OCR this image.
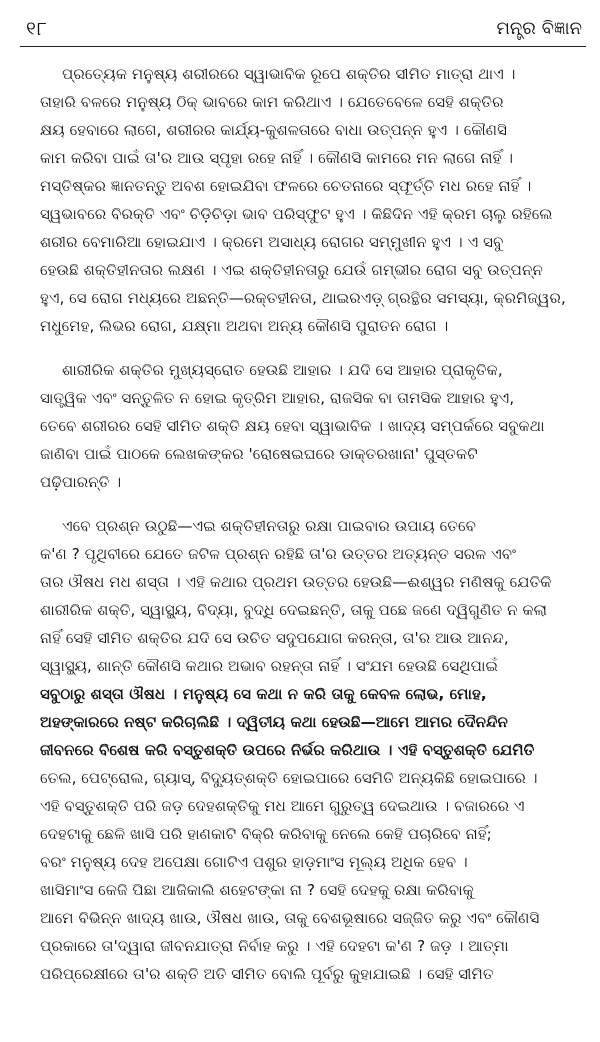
୧୮	ମନ୍ତ୍ର ବିଜ୍ଞାନ
ପ୍ରତ୍ୟେକ ମନୁଷ୍ୟ ଶରୀରରେ ସ୍ୱାଭାବିକ ରୂପେ ଶକ୍ତିର ସୀମିତ ମାତ୍ରା ଥାଏ ।
ତାହାରି ବଳରେ ମନୁଷ୍ୟ ଠିକ୍ ଭାବରେ କାମ କରିଥାଏ । ଯେତେବେଳେ ସେହି ଶକ୍ତିର
କ୍ଷୟ ହେବାରେ ଲାଗେ, ଶରୀରର କାର୍ଯ୍ୟ-କୁଶଳତାରେ ବାଧା ଉତ୍ପନ୍ନ ହୁଏ । କୌଣସି
କାମ କରିବା ପାଇଁ ତା'ର ଆଉ ସ୍ପୃହା ରହେ ନାହିଁ । କୌଣସି କାମରେ ମନ ଲାଗେ ନାହିଁ ।
ମସ୍ତିଷ୍କର ଜ୍ଞାନତନ୍ତୁ ଅବଶ ହୋଇଯିବା ଫଳରେ ଚେତନାରେ ସ୍ଫୂର୍ତ୍ତି ମଧ ରହେ ନାହିଁ ।
ସ୍ୱଭାବରେ ବିରକ୍ତି ଏବଂ ଚିଡ଼ିଚିଡ଼ା ଭାବ ପରିସ୍ଫୁଟ ହୁଏ । କିଛିଦିନ ଏହି କ୍ରମ ଚାଲୁ ରହିଲେ
ଶରୀର ବେମାରିଆ ହୋଇଯାଏ । କ୍ରମେ ଅସାଧ୍ୟ ରୋଗର ସମ୍ମୁଖୀନ ହୁଏ । ଏ ସବୁ
ହେଉଛି ଶକ୍ତିହୀନତାର ଲକ୍ଷଣ । ଏଇ ଶକ୍ତିହୀନତାରୁ ଯେଉଁ ଗମ୍ଭୀର ରୋଗ ସବୁ ଉତ୍ପନ୍ନ
ହୁଏ, ସେ ରୋଗ ମଧ୍ୟରେ ଅଛନ୍ତି—ରକ୍ତହୀନତା, ଥାଇରଏଡ଼୍ ଗ୍ରନ୍ଥିର ସମସ୍ୟା, କ୍ରମିଜ୍ୱର,
ମଧୁମେହ, ଲିଭର ରୋଗ, ଯକ୍ଷ୍ମା ଅଥବା ଅନ୍ୟ କୌଣସି ପୁରାତନ ରୋଗ ।
ଶାରୀରିକ ଶକ୍ତିର ମୁଖ୍ୟସ୍ରୋତ ହେଉଛି ଆହାର । ଯଦି ସେ ଆହାର ପ୍ରାକୃତିକ,
ସାତ୍ତ୍ୱିକ ଏବଂ ସନ୍ତୁଳିତ ନ ହୋଇ କୃତ୍ରିମ ଆହାର, ରାଜସିକ ବା ତାମସିକ ଆହାର ହୁଏ,
ତେବେ ଶରୀରର ସେହି ସୀମିତ ଶକ୍ତି କ୍ଷୟ ହେବା ସ୍ୱାଭାବିକ । ଖାଦ୍ୟ ସମ୍ପର୍କରେ ସବୁକଥା
ଜାଣିବା ପାଇଁ ପାଠକେ ଲେଖକଙ୍କର 'ରୋଷେଇଘରେ ଡାକ୍ତରଖାନା' ପୁସ୍ତକଟି
ପଢ଼ିପାରନ୍ତି ।
ଏବେ ପ୍ରଶ୍ନ ଉଠୁଛି—ଏଇ ଶକ୍ତିହୀନତାରୁ ରକ୍ଷା ପାଇବାର ଉପାୟ ତେବେ
କ'ଣ ? ପୃଥିବୀରେ ଯେତେ ଜଟିଳ ପ୍ରଶ୍ନ ରହିଛି ତା'ର ଉତ୍ତର ଅତ୍ୟନ୍ତ ସରଳ ଏବଂ
ତାର ଔଷଧ ମଧ ଶସ୍ତା । ଏହି କଥାର ପ୍ରଥମ ଉତ୍ତର ହେଉଛି—ଈଶ୍ୱର ମଣିଷକୁ ଯେତିକି
ଶାରୀରିକ ଶକ୍ତି, ସ୍ୱାସ୍ଥ୍ୟ, ବିଦ୍ୟା, ବୁଦ୍ଧି ଦେଇଛନ୍ତି, ତାକୁ ପଛେ ଜଣେ ଦ୍ୱିଗୁଣିତ ନ କଲା
ନାହିଁ ସେହି ସୀମିତ ଶକ୍ତିର ଯଦି ସେ ଉଚିତ ସଦୁପଯୋଗ କରନ୍ତା, ତା'ର ଆଉ ଆନନ୍ଦ,
ସ୍ୱାସ୍ଥ୍ୟ, ଶାନ୍ତି କୌଣସି କଥାର ଅଭାବ ରହନ୍ତା ନାହିଁ । ସଂଯମ ହେଉଛି ସେଥିପାଇଁ
ସବୁଠାରୁ ଶସ୍ତା ଔଷଧ । ମନୁଷ୍ୟ ସେ କଥା ନ କରି ତାକୁ କେବଳ ଲୋଭ, ମୋହ,
ଅହଙ୍କାରରେ ନଷ୍ଟ କରିଚାଲିଛି । ଦ୍ୱିତୀୟ କଥା ହେଉଛି—ଆମେ ଆମର ଦୈନନ୍ଦିନ
ଜୀବନରେ ବିଶେଷ କରି ବସ୍ତୁଶକ୍ତି ଉପରେ ନିର୍ଭର କରିଥାଉ । ଏହି ବସ୍ତୁଶକ୍ତି ଯେମିତି
ତେଲ, ପେଟ୍ରୋଲ, ଗ୍ୟାସ୍, ବିଦ୍ୟୁତ୍‌ଶକ୍ତି ହୋଇପାରେ ସେମିତି ଅନ୍ୟକିଛି ହୋଇପାରେ ।
ଏହି ବସ୍ତୁଶକ୍ତି ପରି ଜଡ଼ ଦେହଶକ୍ତିକୁ ମଧ ଆମେ ଗୁରୁତ୍ୱ ଦେଇଥାଉ । ବଜାରରେ ଏ
ଦେହଟାକୁ ଛେଳି ଖାସି ପରି ହାଣକାଟି ବିକ୍ରି କରିବାକୁ ନେଲେ କେହି ପଚାରିବେ ନାହିଁ;
ବରଂ ମନୁଷ୍ୟ ଦେହ ଅପେକ୍ଷା ଗୋଟିଏ ପଶୁର ହାଡ଼ମାଂସ ମୂଲ୍ୟ ଅଧିକ ହେବ ।
ଖାସିମାଂସ କେଜି ପିଛା ଆଜିକାଲି ଶହେଟଙ୍କା ନା ? ସେହି ଦେହକୁ ରକ୍ଷା କରିବାକୁ
ଆମେ ବିଭିନ୍ନ ଖାଦ୍ୟ ଖାଉ, ଔଷଧ ଖାଉ, ତାକୁ ବେଶଭୂଷାରେ ସଜ୍ଜିତ କରୁ ଏବଂ କୌଣସି
ପ୍ରକାରେ ତା'ଦ୍ୱାରା ଜୀବନଯାତ୍ରା ନିର୍ବାହ କରୁ । ଏହି ଦେହଟା କ'ଣ ? ଜଡ଼ । ଆତ୍ମା
ପରିପ୍ରେକ୍ଷୀରେ ତା'ର ଶକ୍ତି ଅତି ସୀମିତ ବୋଲି ପୂର୍ବରୁ କୁହାଯାଇଛି । ସେହି ସୀମିତ
